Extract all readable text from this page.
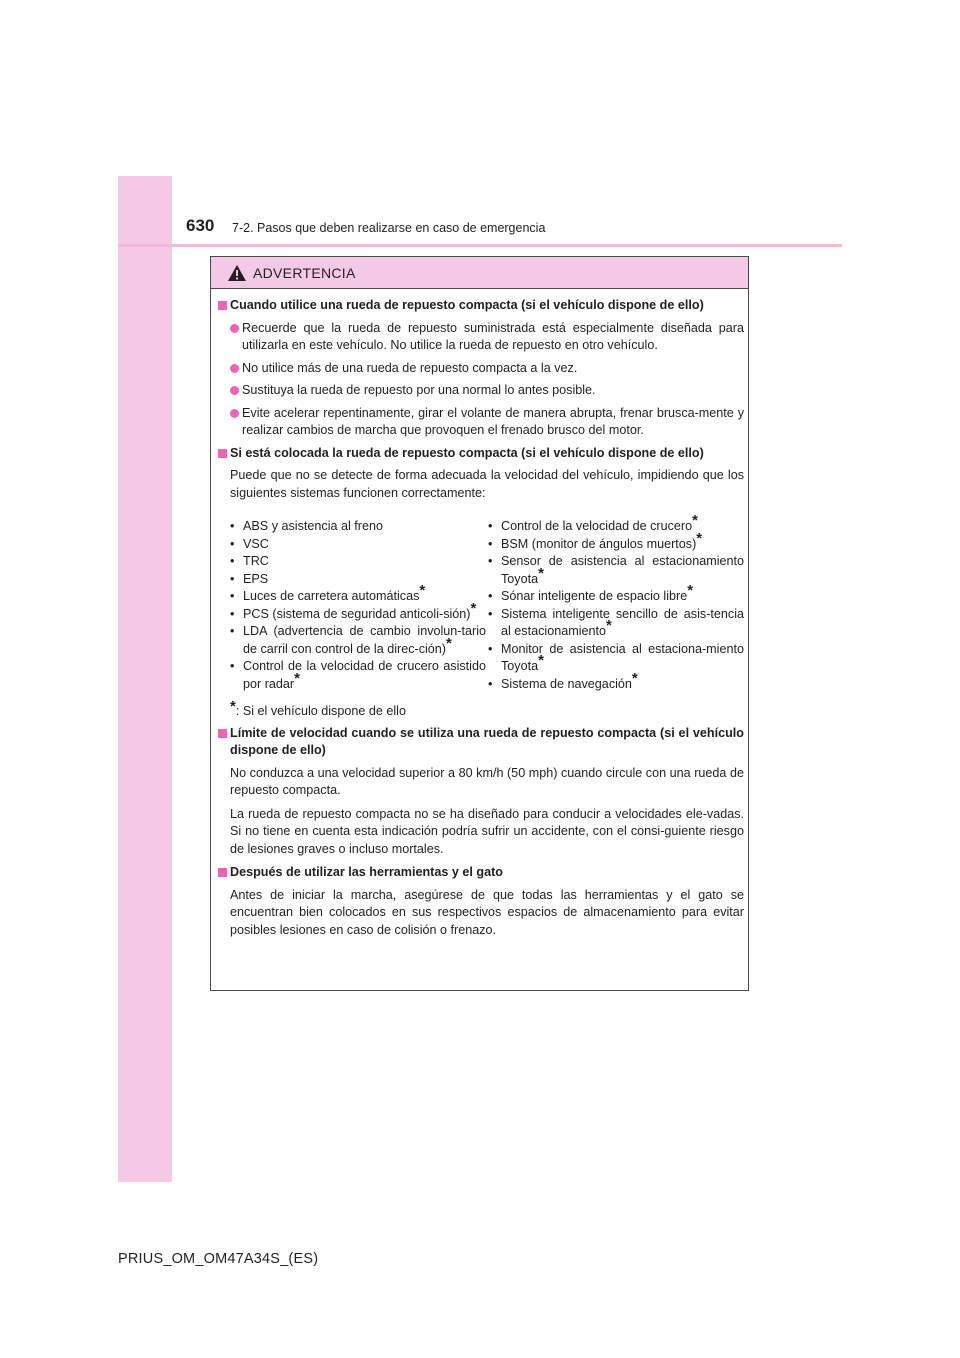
630 7-2. Pasos que deben realizarse en caso de emergencia
ADVERTENCIA
Cuando utilice una rueda de repuesto compacta (si el vehículo dispone de ello)
Recuerde que la rueda de repuesto suministrada está especialmente diseñada para utilizarla en este vehículo. No utilice la rueda de repuesto en otro vehículo.
No utilice más de una rueda de repuesto compacta a la vez.
Sustituya la rueda de repuesto por una normal lo antes posible.
Evite acelerar repentinamente, girar el volante de manera abrupta, frenar brusca-mente y realizar cambios de marcha que provoquen el frenado brusco del motor.
Si está colocada la rueda de repuesto compacta (si el vehículo dispone de ello)
Puede que no se detecte de forma adecuada la velocidad del vehículo, impidiendo que los siguientes sistemas funcionen correctamente:
• ABS y asistencia al freno
• VSC
• TRC
• EPS
• Luces de carretera automáticas*
• PCS (sistema de seguridad anticoli-sión)*
• LDA (advertencia de cambio involun-tario de carril con control de la direc-ción)*
• Control de la velocidad de crucero asistido por radar*
• Control de la velocidad de crucero*
• BSM (monitor de ángulos muertos)*
• Sensor de asistencia al estacionamiento Toyota*
• Sónar inteligente de espacio libre*
• Sistema inteligente sencillo de asis-tencia al estacionamiento*
• Monitor de asistencia al estaciona-miento Toyota*
• Sistema de navegación*
*: Si el vehículo dispone de ello
Límite de velocidad cuando se utiliza una rueda de repuesto compacta (si el vehículo dispone de ello)
No conduzca a una velocidad superior a 80 km/h (50 mph) cuando circule con una rueda de repuesto compacta.
La rueda de repuesto compacta no se ha diseñado para conducir a velocidades ele-vadas. Si no tiene en cuenta esta indicación podría sufrir un accidente, con el consi-guiente riesgo de lesiones graves o incluso mortales.
Después de utilizar las herramientas y el gato
Antes de iniciar la marcha, asegúrese de que todas las herramientas y el gato se encuentran bien colocados en sus respectivos espacios de almacenamiento para evitar posibles lesiones en caso de colisión o frenazo.
PRIUS_OM_OM47A34S_(ES)
